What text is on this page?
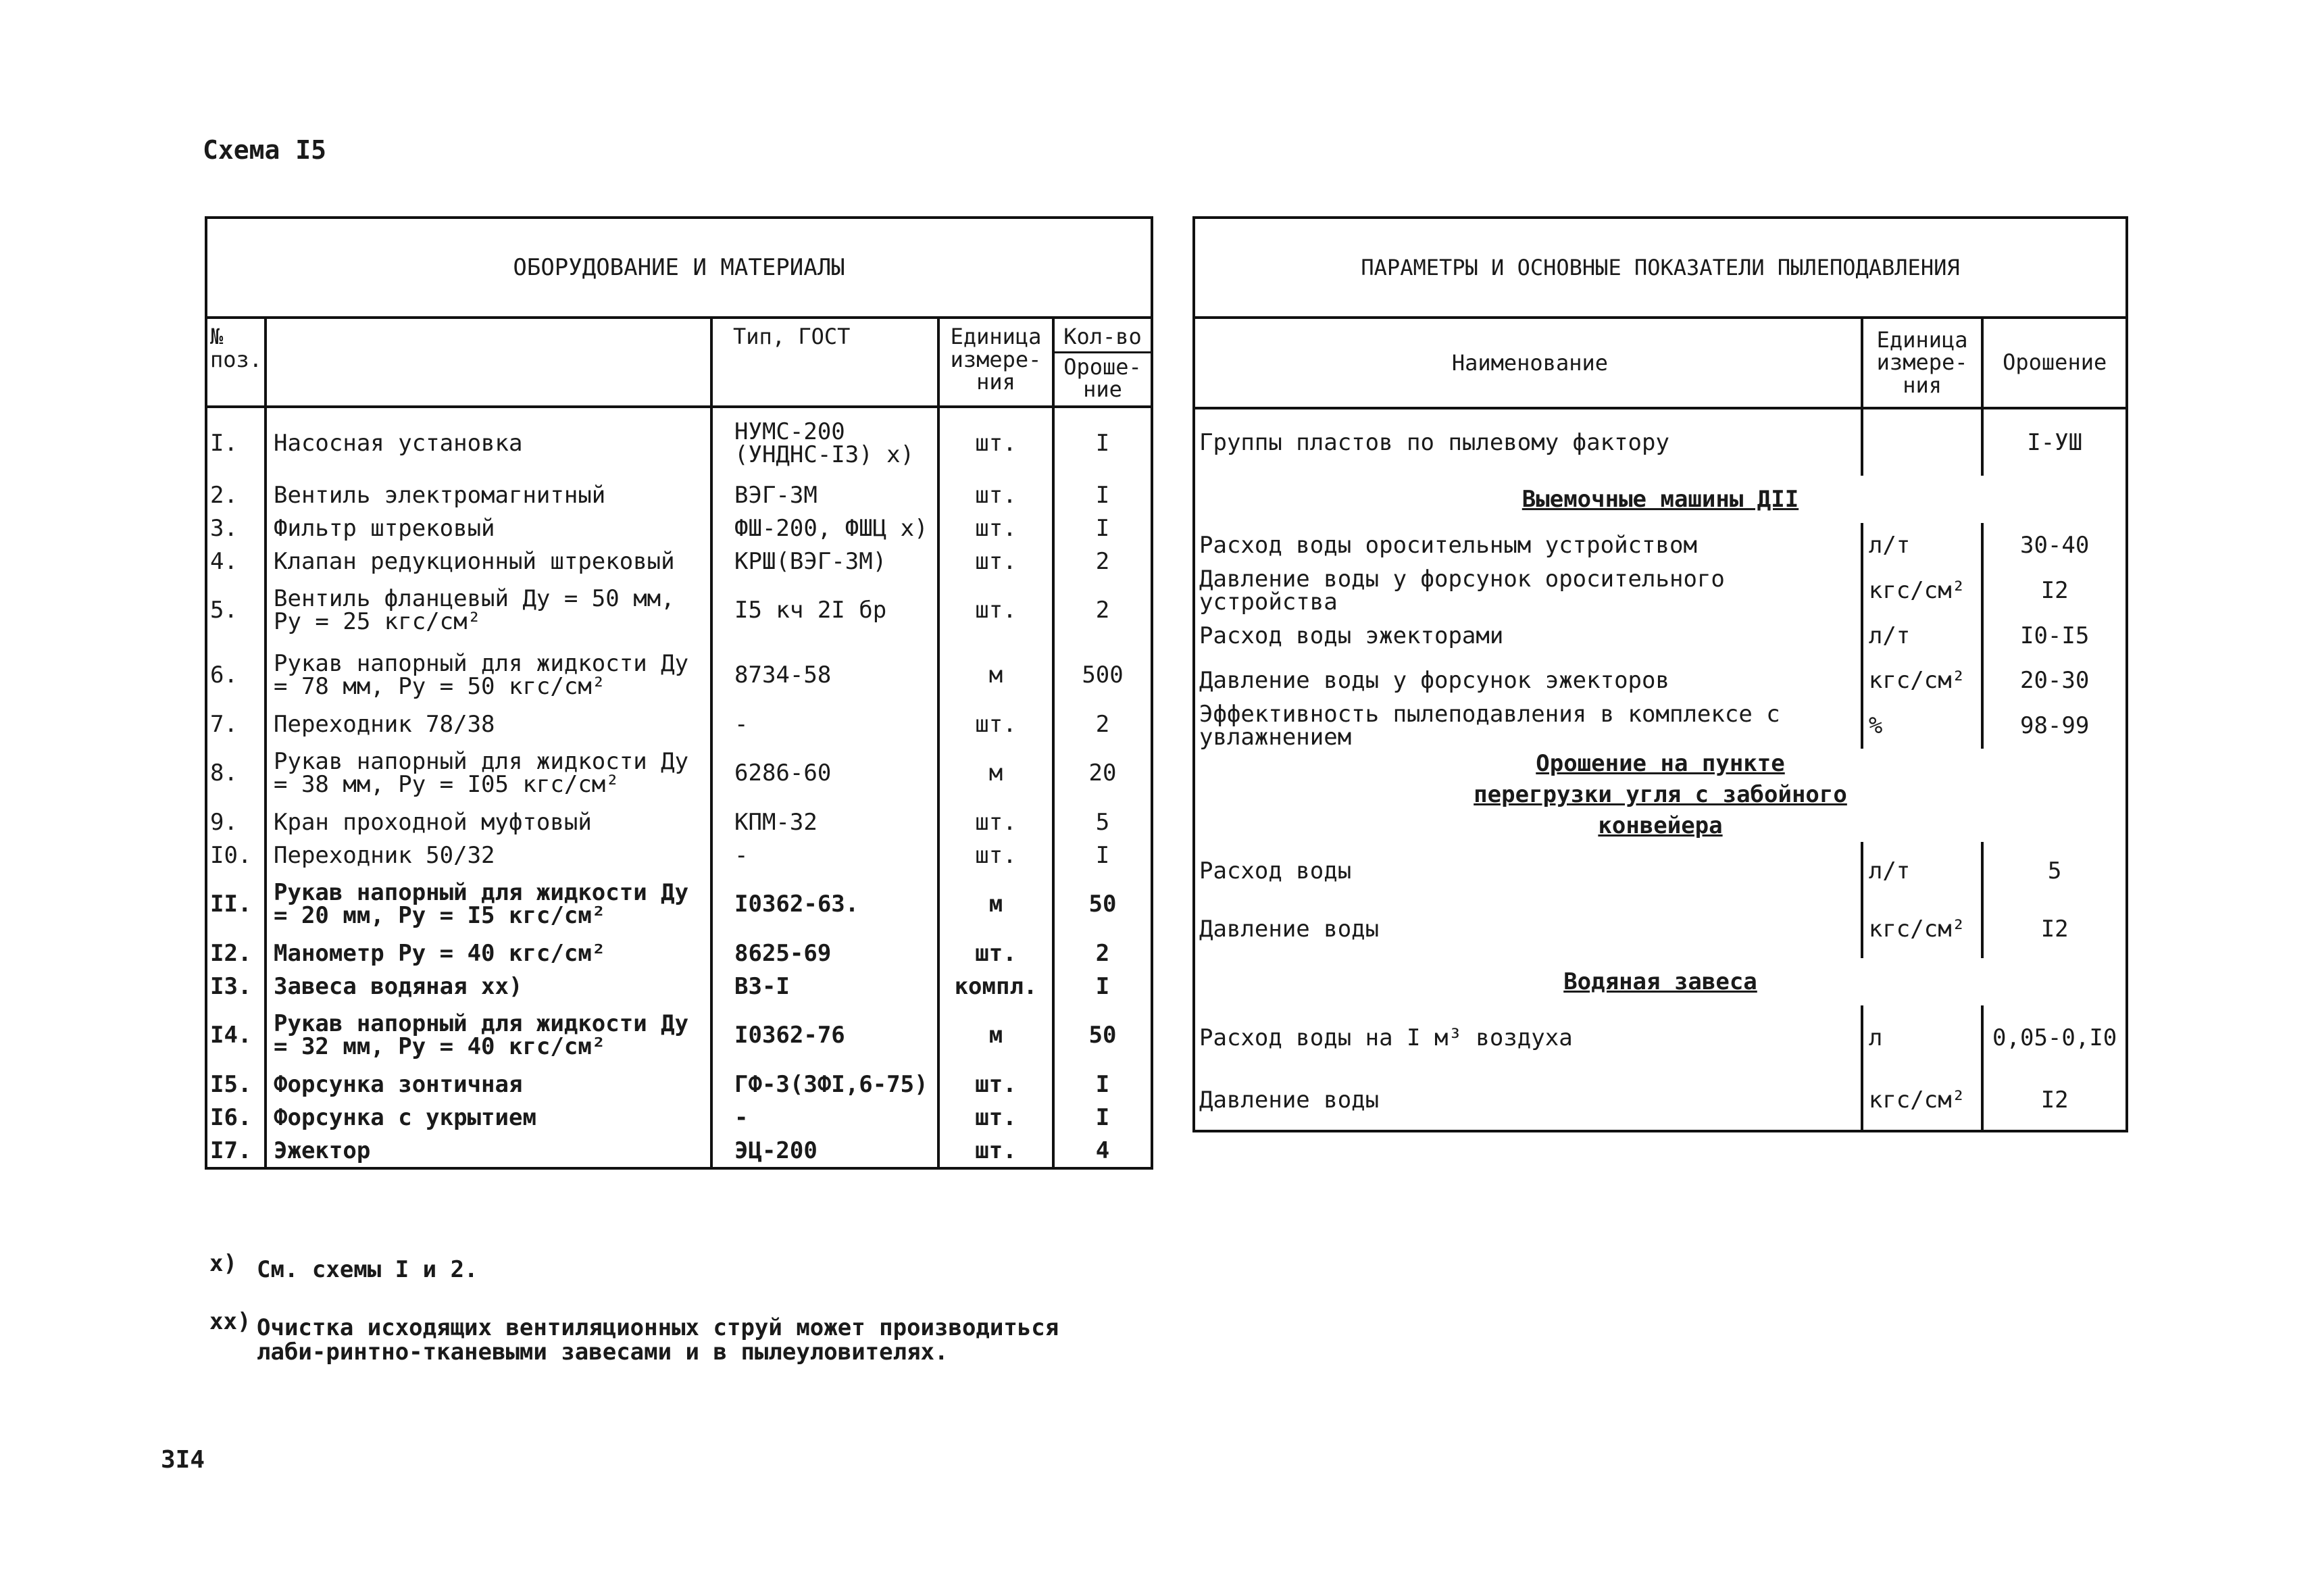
Схема I5
ОБОРУДОВАНИЕ И МАТЕРИАЛЫ				
№ поз.		Тип, ГОСТ	Единица измере-ния	Кол-во
Ороше-ние

I.	Насосная установка	НУМС-200 (УНДНС-I3) х)	шт.	I
2.	Вентиль электромагнитный	ВЭГ-3М	шт.	I
3.	Фильтр штрековый	ФШ-200, ФШЦ х)	шт.	I
4.	Клапан редукционный штрековый	КРШ(ВЭГ-3М)	шт.	2
5.	Вентиль фланцевый Ду = 50 мм, Ру = 25 кгс/см²	I5 кч 2I бр	шт.	2
6.	Рукав напорный для жидкости Ду = 78 мм, Ру = 50 кгс/см²	8734-58	м	500
7.	Переходник 78/38	-	шт.	2
8.	Рукав напорный для жидкости Ду = 38 мм, Ру = I05 кгс/см²	6286-60	м	20
9.	Кран проходной муфтовый	КПМ-32	шт.	5
I0.	Переходник 50/32	-	шт.	I
II.	Рукав напорный для жидкости Ду = 20 мм, Ру = I5 кгс/см²	I0362-63.	м	50
I2.	Манометр Ру = 40 кгс/см²	8625-69	шт.	2
I3.	Завеса водяная хх)	ВЗ-I	компл.	I
I4.	Рукав напорный для жидкости Ду = 32 мм, Ру = 40 кгс/см²	I0362-76	м	50
I5.	Форсунка зонтичная	ГФ-3(ЗФI,6-75)	шт.	I
I6.	Форсунка с укрытием	-	шт.	I
I7.	Эжектор	ЭЦ-200	шт.	4
ПАРАМЕТРЫ И ОСНОВНЫЕ ПОКАЗАТЕЛИ ПЫЛЕПОДАВЛЕНИЯ		
Наименование	Единица измере-ния	Орошение
Группы пластов по пылевому фактору		I-УШ
Выемочные машины ДII		
Расход воды оросительным устройством	л/т	30-40
Давление воды у форсунок оросительного устройства	кгс/см²	I2
Расход воды эжекторами	л/т	I0-I5
Давление воды у форсунок эжекторов	кгс/см²	20-30
Эффективность пылеподавления в комплексе с увлажнением	%	98-99
Орошение на пункте перегрузки угля с забойного конвейера		
Расход воды	л/т	5
Давление воды	кгс/см²	I2
Водяная завеса		
Расход воды на I м³ воздуха	л	0,05-0,I0
Давление воды	кгс/см²	I2
х) См. схемы I и 2.
хх) Очистка исходящих вентиляционных струй может производиться лаби-ринтно-тканевыми завесами и в пылеуловителях.
3I4
